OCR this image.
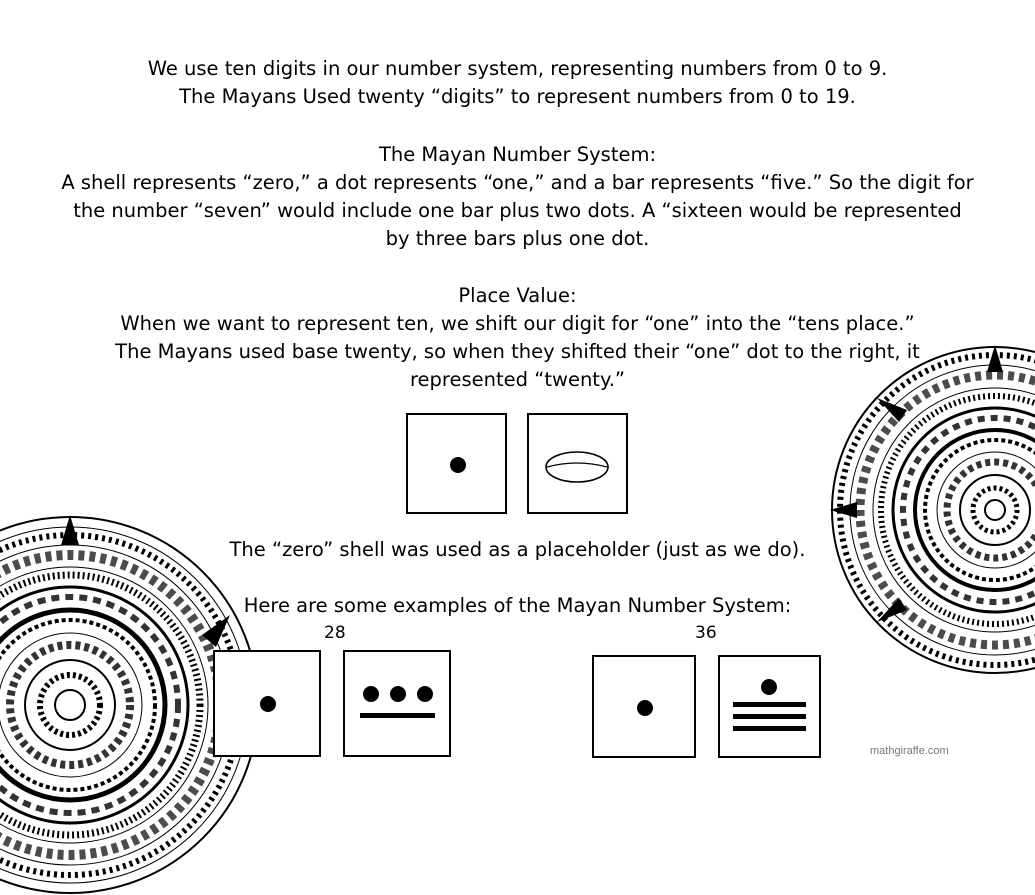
We use ten digits in our number system, representing numbers from 0 to 9.
The Mayans Used twenty “digits” to represent numbers from 0 to 19.

The Mayan Number System:
A shell represents “zero,” a dot represents “one,” and a bar represents “five.” So the digit for
the number “seven” would include one bar plus two dots. A “sixteen would be represented
by three bars plus one dot.

Place Value:
When we want to represent ten, we shift our digit for “one” into the “tens place.”
The Mayans used base twenty, so when they shifted their “one” dot to the right, it
represented “twenty.”

The “zero” shell was used as a placeholder (just as we do).

Here are some examples of the Mayan Number System:

28	36
mathgiraffe.com
